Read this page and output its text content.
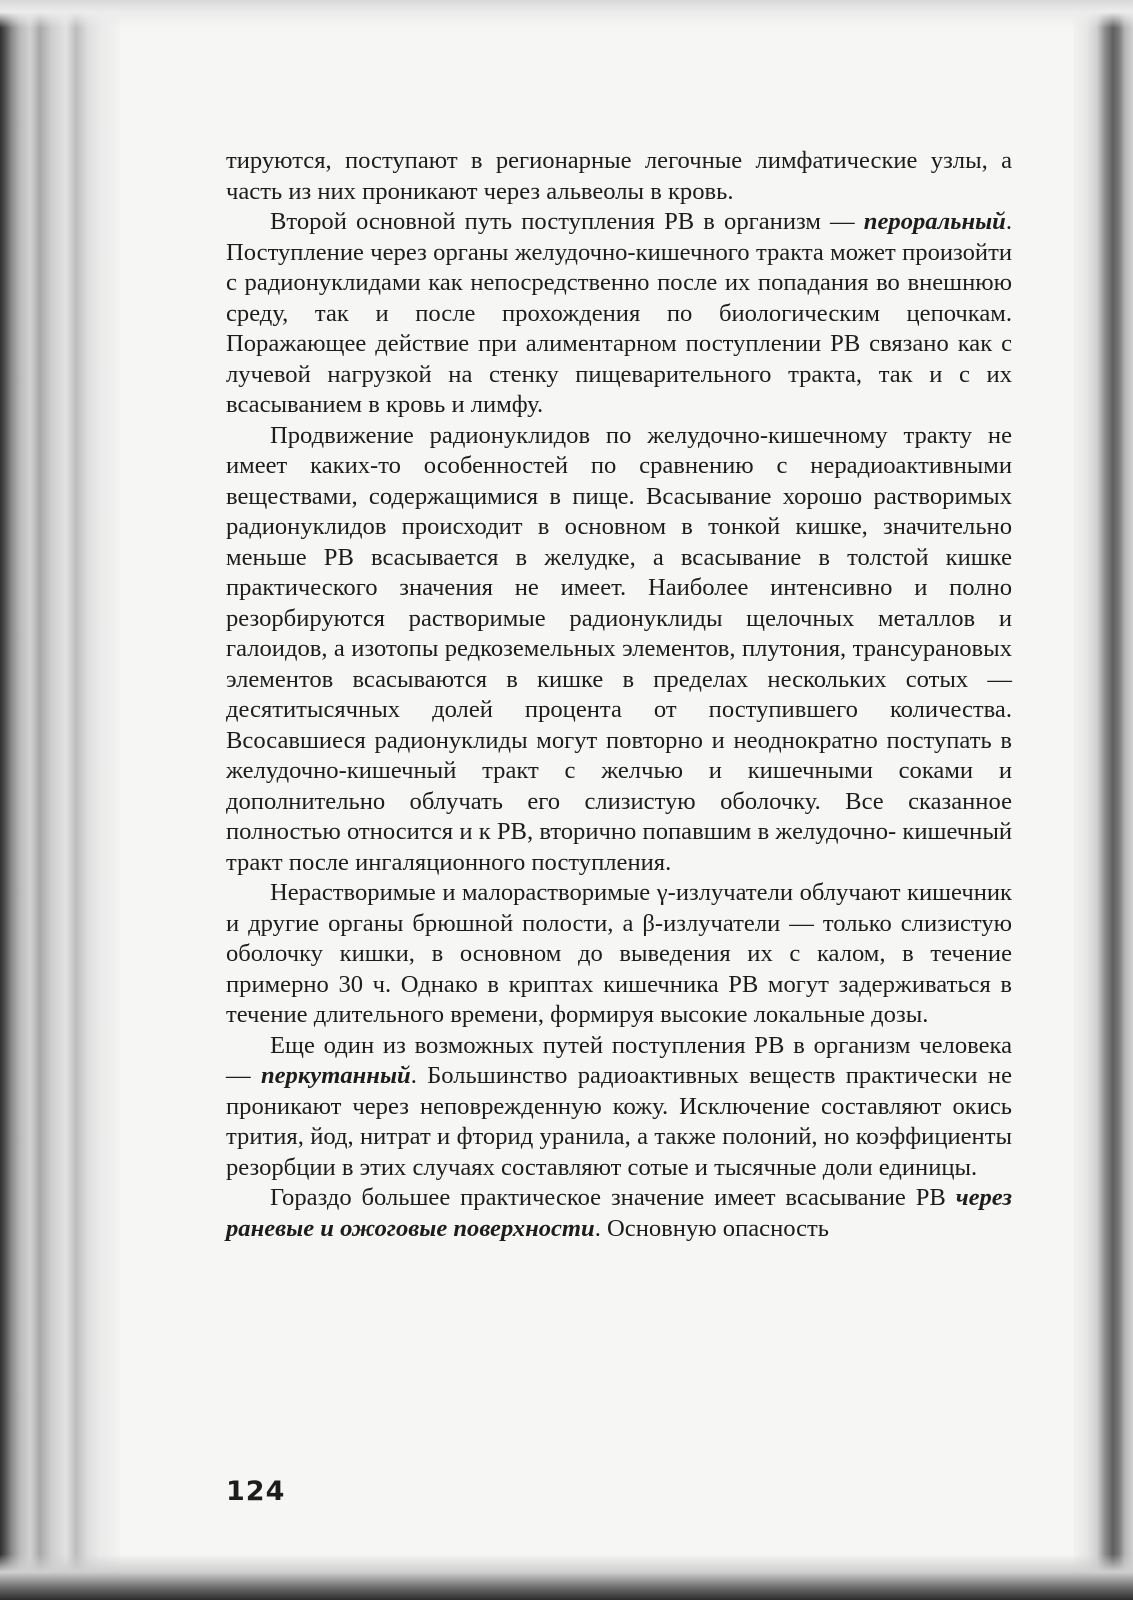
тируются, поступают в регионарные легочные лимфатические узлы, а часть из них проникают через альвеолы в кровь.

Второй основной путь поступления РВ в организм — пероральный. Поступление через органы желудочно-кишечного тракта может произойти с радионуклидами как непосредственно после их попадания во внешнюю среду, так и после прохождения по биологическим цепочкам. Поражающее действие при алиментарном поступлении РВ связано как с лучевой нагрузкой на стенку пищеварительного тракта, так и с их всасыванием в кровь и лимфу.

Продвижение радионуклидов по желудочно-кишечному тракту не имеет каких-то особенностей по сравнению с нерадиоактивными веществами, содержащимися в пище. Всасывание хорошо растворимых радионуклидов происходит в основном в тонкой кишке, значительно меньше РВ всасывается в желудке, а всасывание в толстой кишке практического значения не имеет. Наиболее интенсивно и полно резорбируются растворимые радионуклиды щелочных металлов и галоидов, а изотопы редкоземельных элементов, плутония, трансурановых элементов всасываются в кишке в пределах нескольких сотых — десятитысячных долей процента от поступившего количества. Всосавшиеся радионуклиды могут повторно и неоднократно поступать в желудочно-кишечный тракт с желчью и кишечными соками и дополнительно облучать его слизистую оболочку. Все сказанное полностью относится и к РВ, вторично попавшим в желудочно- кишечный тракт после ингаляционного поступления.

Нерастворимые и малорастворимые γ-излучатели облучают кишечник и другие органы брюшной полости, а β-излучатели — только слизистую оболочку кишки, в основном до выведения их с калом, в течение примерно 30 ч. Однако в криптах кишечника РВ могут задерживаться в течение длительного времени, формируя высокие локальные дозы.

Еще один из возможных путей поступления РВ в организм человека — перкутанный. Большинство радиоактивных веществ практически не проникают через неповрежденную кожу. Исключение составляют окись трития, йод, нитрат и фторид уранила, а также полоний, но коэффициенты резорбции в этих случаях составляют сотые и тысячные доли единицы.

Гораздо большее практическое значение имеет всасывание РВ через раневые и ожоговые поверхности. Основную опасность

124
